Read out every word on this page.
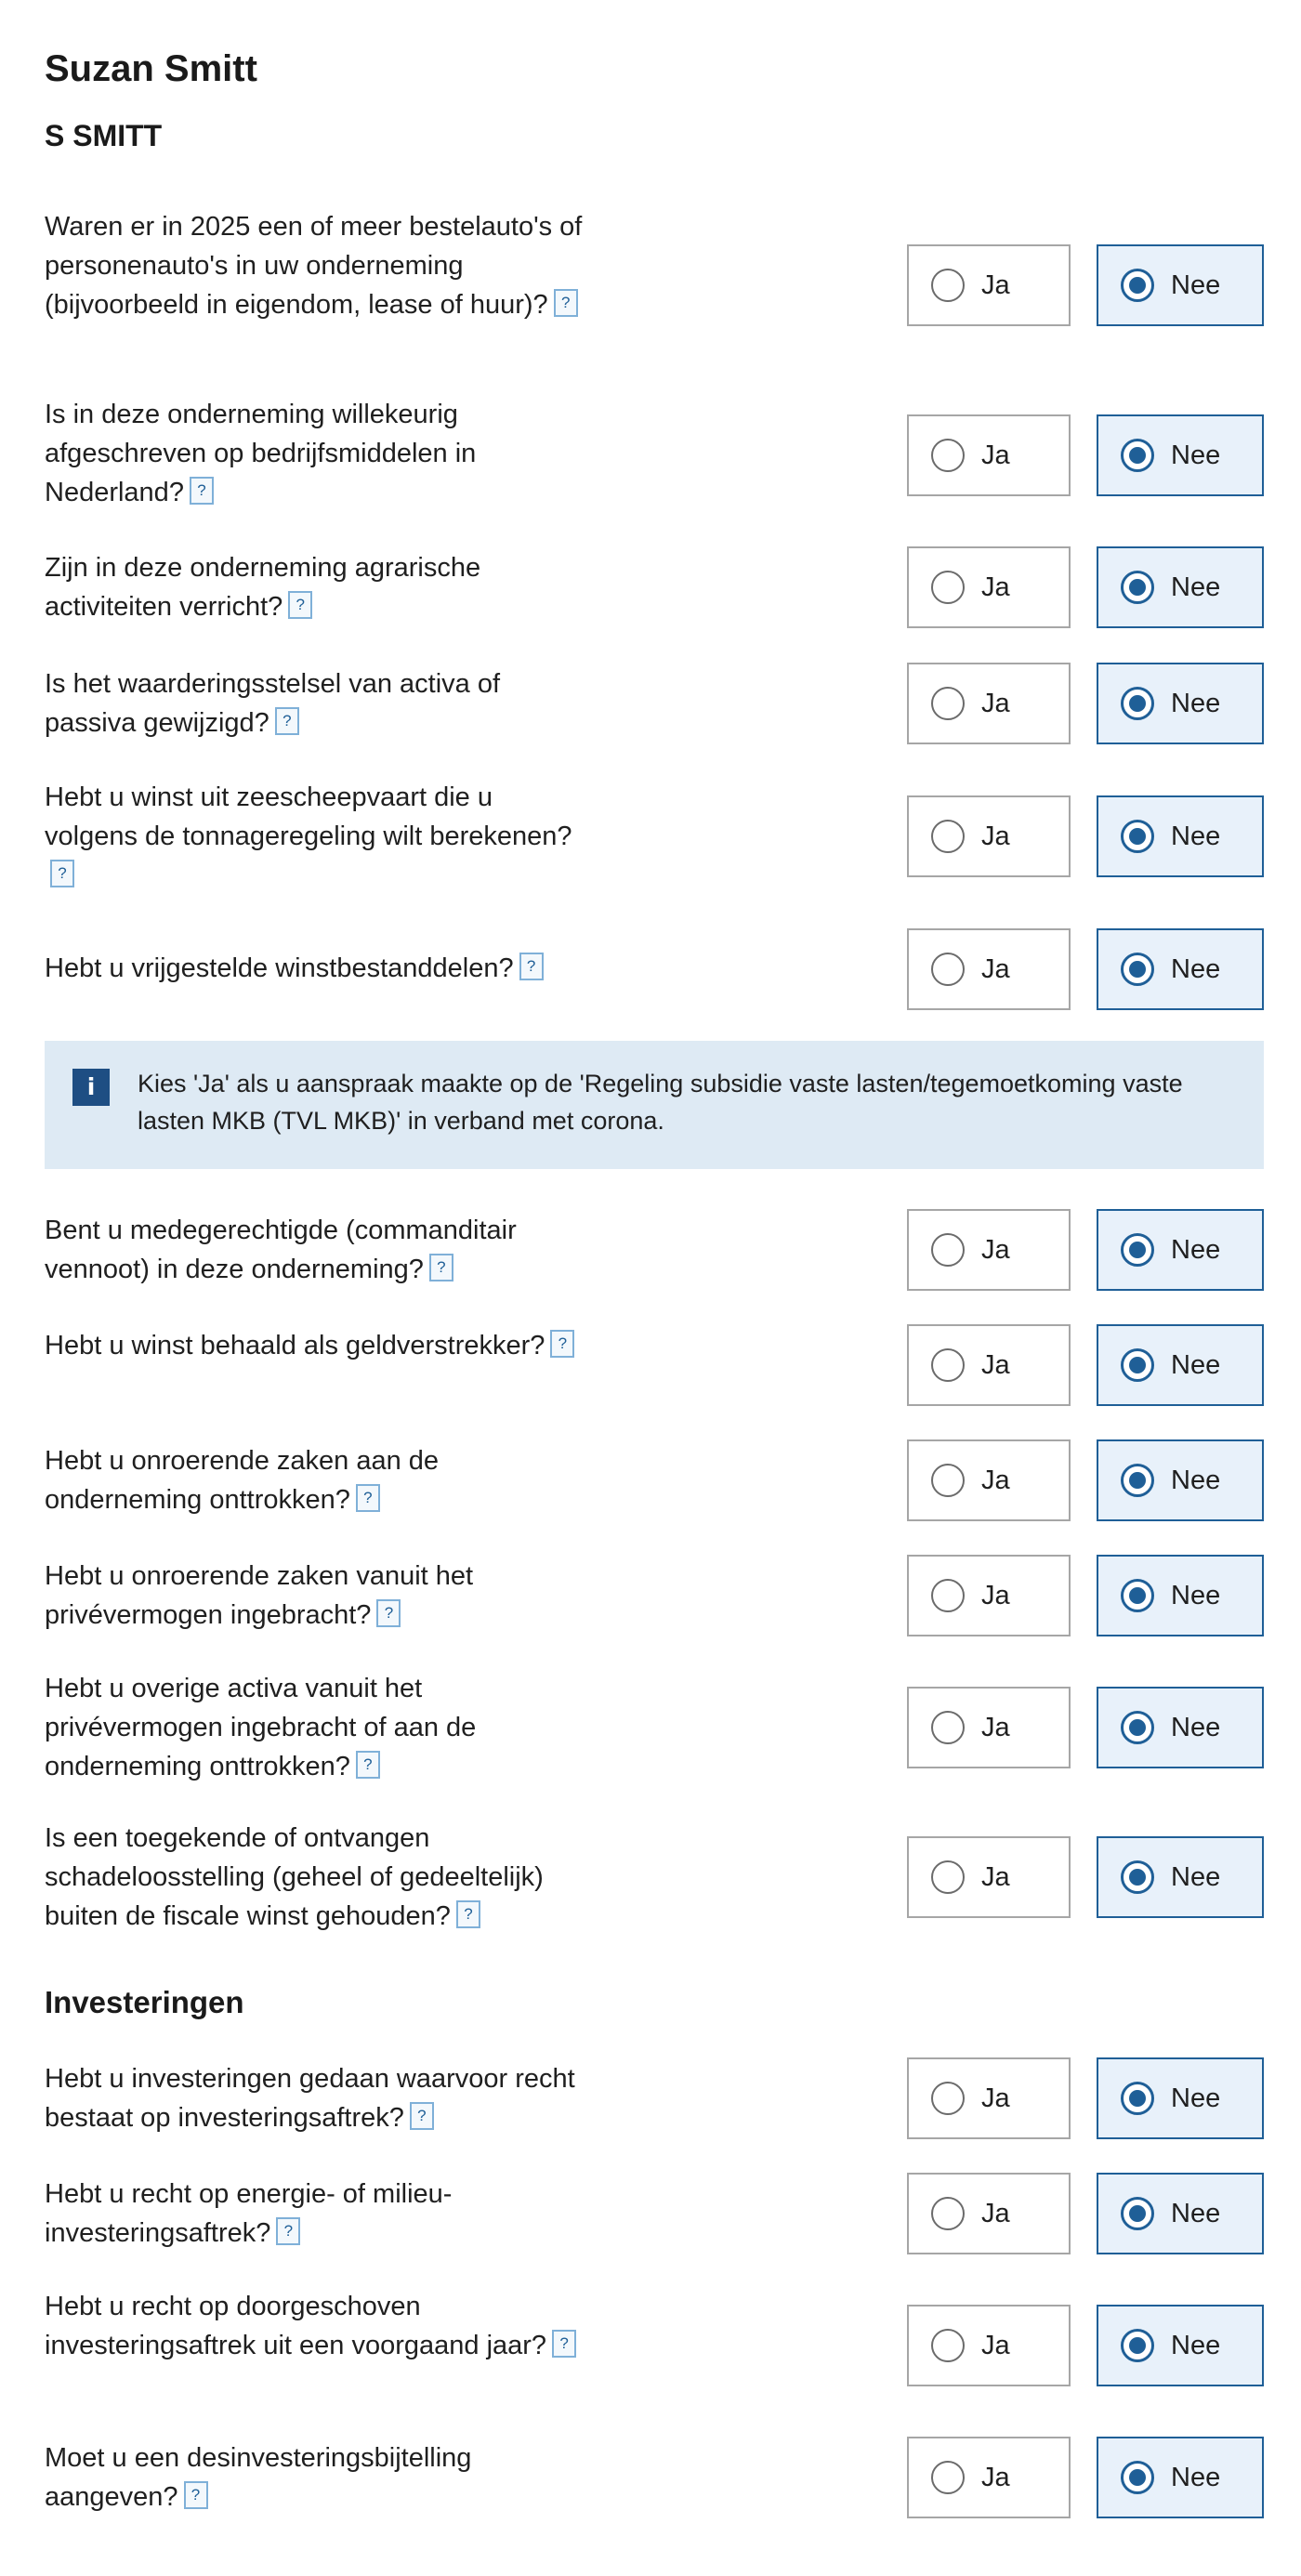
Suzan Smitt
S SMITT
Waren er in 2025 een of meer bestelauto's of personenauto's in uw onderneming (bijvoorbeeld in eigendom, lease of huur)? ?
Ja	Nee
Is in deze onderneming willekeurig afgeschreven op bedrijfsmiddelen in Nederland? ?
Ja	Nee
Zijn in deze onderneming agrarische activiteiten verricht? ?
Ja	Nee
Is het waarderingsstelsel van activa of passiva gewijzigd? ?
Ja	Nee
Hebt u winst uit zeescheepvaart die u volgens de tonnageregeling wilt berekenen??
Ja	Nee
Hebt u vrijgestelde winstbestanddelen? ?	Ja	Nee
i	Kies 'Ja' als u aanspraak maakte op de 'Regeling subsidie vaste lasten/tegemoetkoming vaste lasten MKB (TVL MKB)' in verband met corona.
Bent u medegerechtigde (commanditair vennoot) in deze onderneming? ?
Ja	Nee
Hebt u winst behaald als geldverstrekker? ?
Ja	Nee
Hebt u onroerende zaken aan de onderneming onttrokken? ?
Ja	Nee
Hebt u onroerende zaken vanuit het privévermogen ingebracht? ?
Ja	Nee
Hebt u overige activa vanuit het privévermogen ingebracht of aan de onderneming onttrokken? ?
Ja	Nee
Is een toegekende of ontvangen schadeloosstelling (geheel of gedeeltelijk) buiten de fiscale winst gehouden? ?
Ja	Nee
Investeringen
Hebt u investeringen gedaan waarvoor recht bestaat op investeringsaftrek? ?
Ja	Nee
Hebt u recht op energie- of milieu-investeringsaftrek? ?
Ja	Nee
Hebt u recht op doorgeschoven investeringsaftrek uit een voorgaand jaar? ?	Ja	Nee
Moet u een desinvesteringsbijtelling aangeven? ?
Ja	Nee
